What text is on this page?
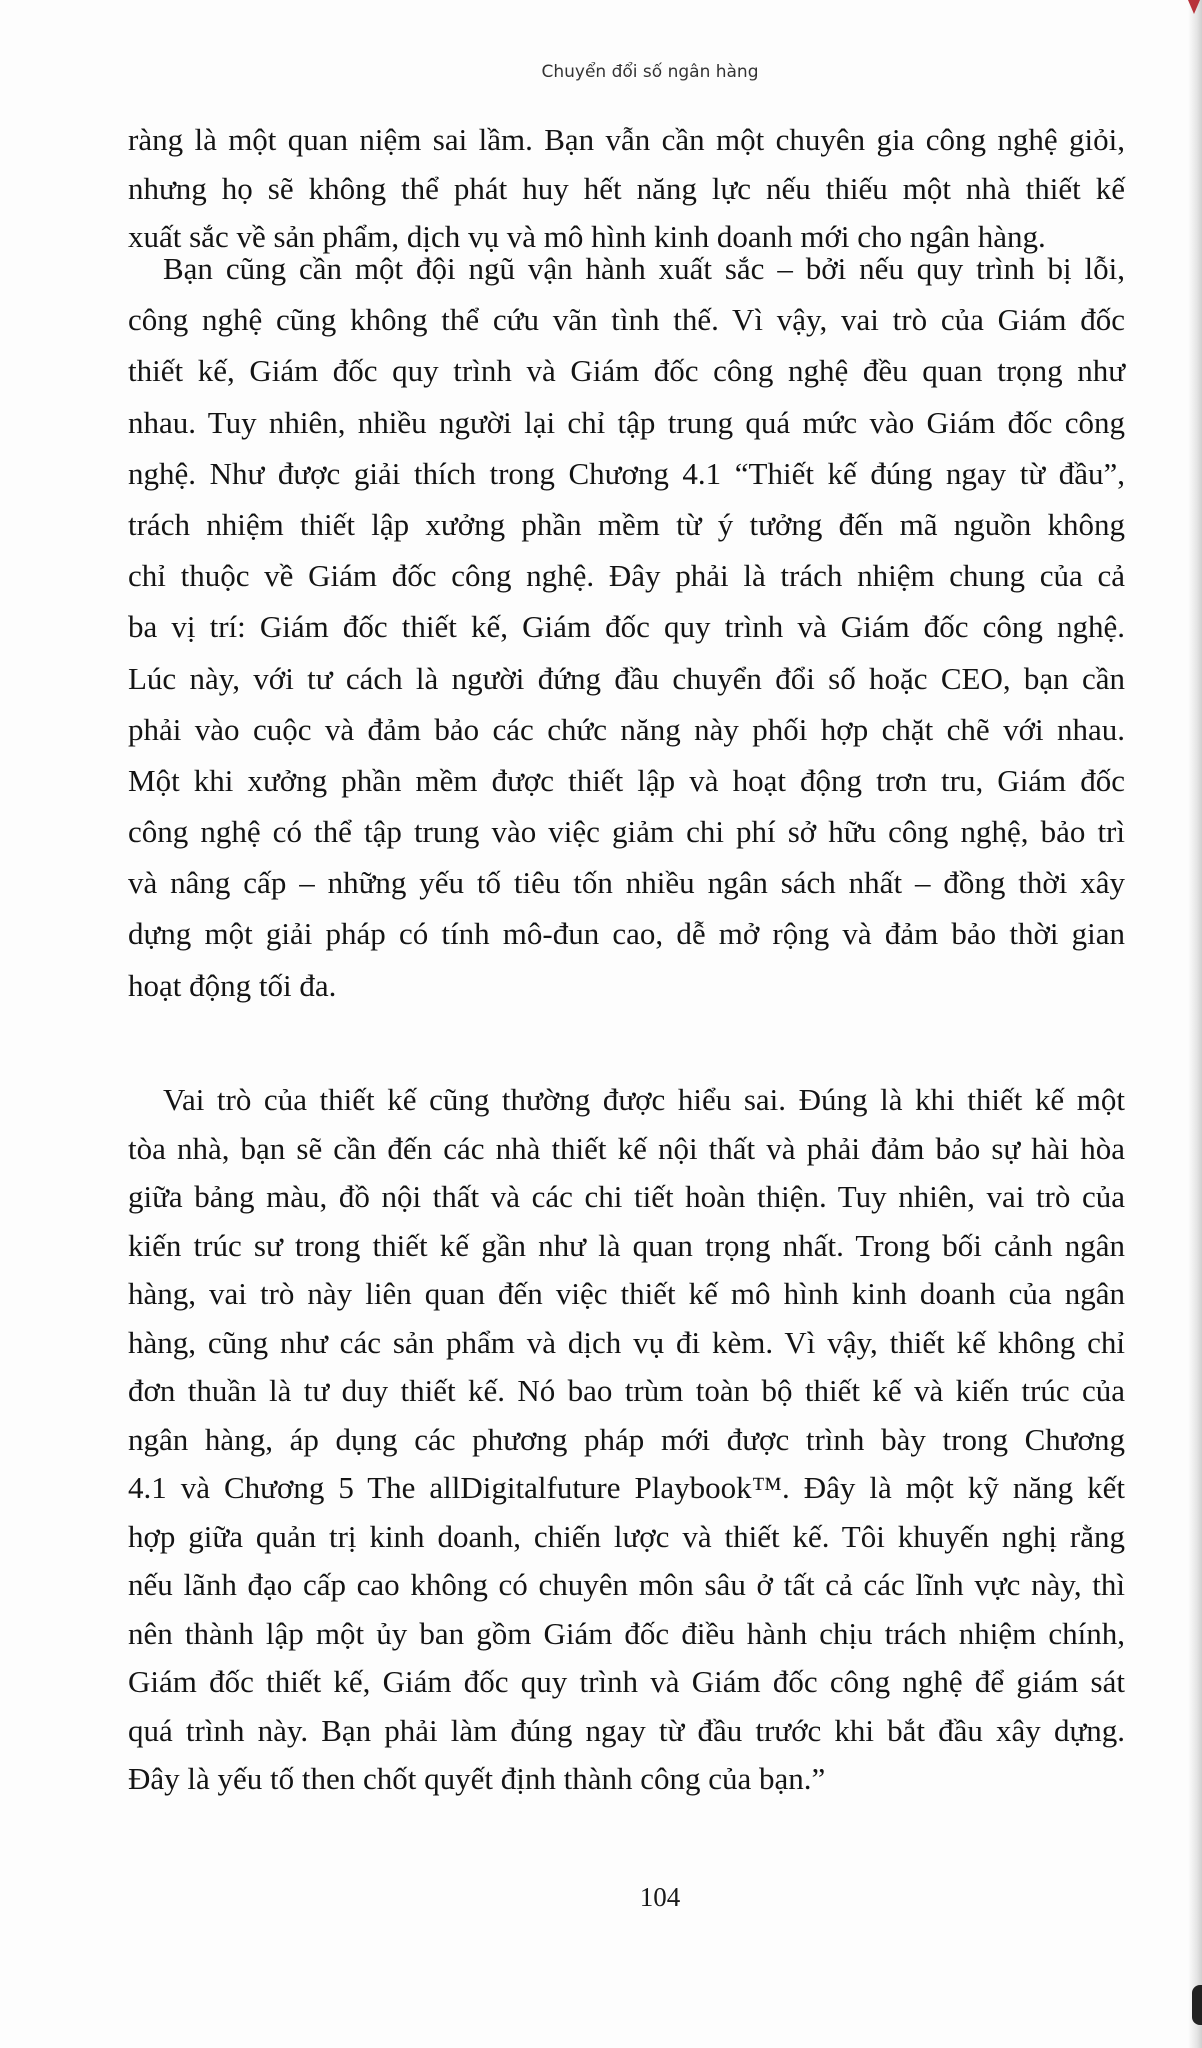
Chuyển đổi số ngân hàng
ràng là một quan niệm sai lầm. Bạn vẫn cần một chuyên gia công nghệ giỏi,
nhưng họ sẽ không thể phát huy hết năng lực nếu thiếu một nhà thiết kế
xuất sắc về sản phẩm, dịch vụ và mô hình kinh doanh mới cho ngân hàng.
Bạn cũng cần một đội ngũ vận hành xuất sắc – bởi nếu quy trình bị lỗi,
công nghệ cũng không thể cứu vãn tình thế. Vì vậy, vai trò của Giám đốc
thiết kế, Giám đốc quy trình và Giám đốc công nghệ đều quan trọng như
nhau. Tuy nhiên, nhiều người lại chỉ tập trung quá mức vào Giám đốc công
nghệ. Như được giải thích trong Chương 4.1 “Thiết kế đúng ngay từ đầu”,
trách nhiệm thiết lập xưởng phần mềm từ ý tưởng đến mã nguồn không
chỉ thuộc về Giám đốc công nghệ. Đây phải là trách nhiệm chung của cả
ba vị trí: Giám đốc thiết kế, Giám đốc quy trình và Giám đốc công nghệ.
Lúc này, với tư cách là người đứng đầu chuyển đổi số hoặc CEO, bạn cần
phải vào cuộc và đảm bảo các chức năng này phối hợp chặt chẽ với nhau.
Một khi xưởng phần mềm được thiết lập và hoạt động trơn tru, Giám đốc
công nghệ có thể tập trung vào việc giảm chi phí sở hữu công nghệ, bảo trì
và nâng cấp – những yếu tố tiêu tốn nhiều ngân sách nhất – đồng thời xây
dựng một giải pháp có tính mô-đun cao, dễ mở rộng và đảm bảo thời gian
hoạt động tối đa.
Vai trò của thiết kế cũng thường được hiểu sai. Đúng là khi thiết kế một
tòa nhà, bạn sẽ cần đến các nhà thiết kế nội thất và phải đảm bảo sự hài hòa
giữa bảng màu, đồ nội thất và các chi tiết hoàn thiện. Tuy nhiên, vai trò của
kiến trúc sư trong thiết kế gần như là quan trọng nhất. Trong bối cảnh ngân
hàng, vai trò này liên quan đến việc thiết kế mô hình kinh doanh của ngân
hàng, cũng như các sản phẩm và dịch vụ đi kèm. Vì vậy, thiết kế không chỉ
đơn thuần là tư duy thiết kế. Nó bao trùm toàn bộ thiết kế và kiến trúc của
ngân hàng, áp dụng các phương pháp mới được trình bày trong Chương
4.1 và Chương 5 The allDigitalfuture Playbook™. Đây là một kỹ năng kết
hợp giữa quản trị kinh doanh, chiến lược và thiết kế. Tôi khuyến nghị rằng
nếu lãnh đạo cấp cao không có chuyên môn sâu ở tất cả các lĩnh vực này, thì
nên thành lập một ủy ban gồm Giám đốc điều hành chịu trách nhiệm chính,
Giám đốc thiết kế, Giám đốc quy trình và Giám đốc công nghệ để giám sát
quá trình này. Bạn phải làm đúng ngay từ đầu trước khi bắt đầu xây dựng.
Đây là yếu tố then chốt quyết định thành công của bạn.”
104
